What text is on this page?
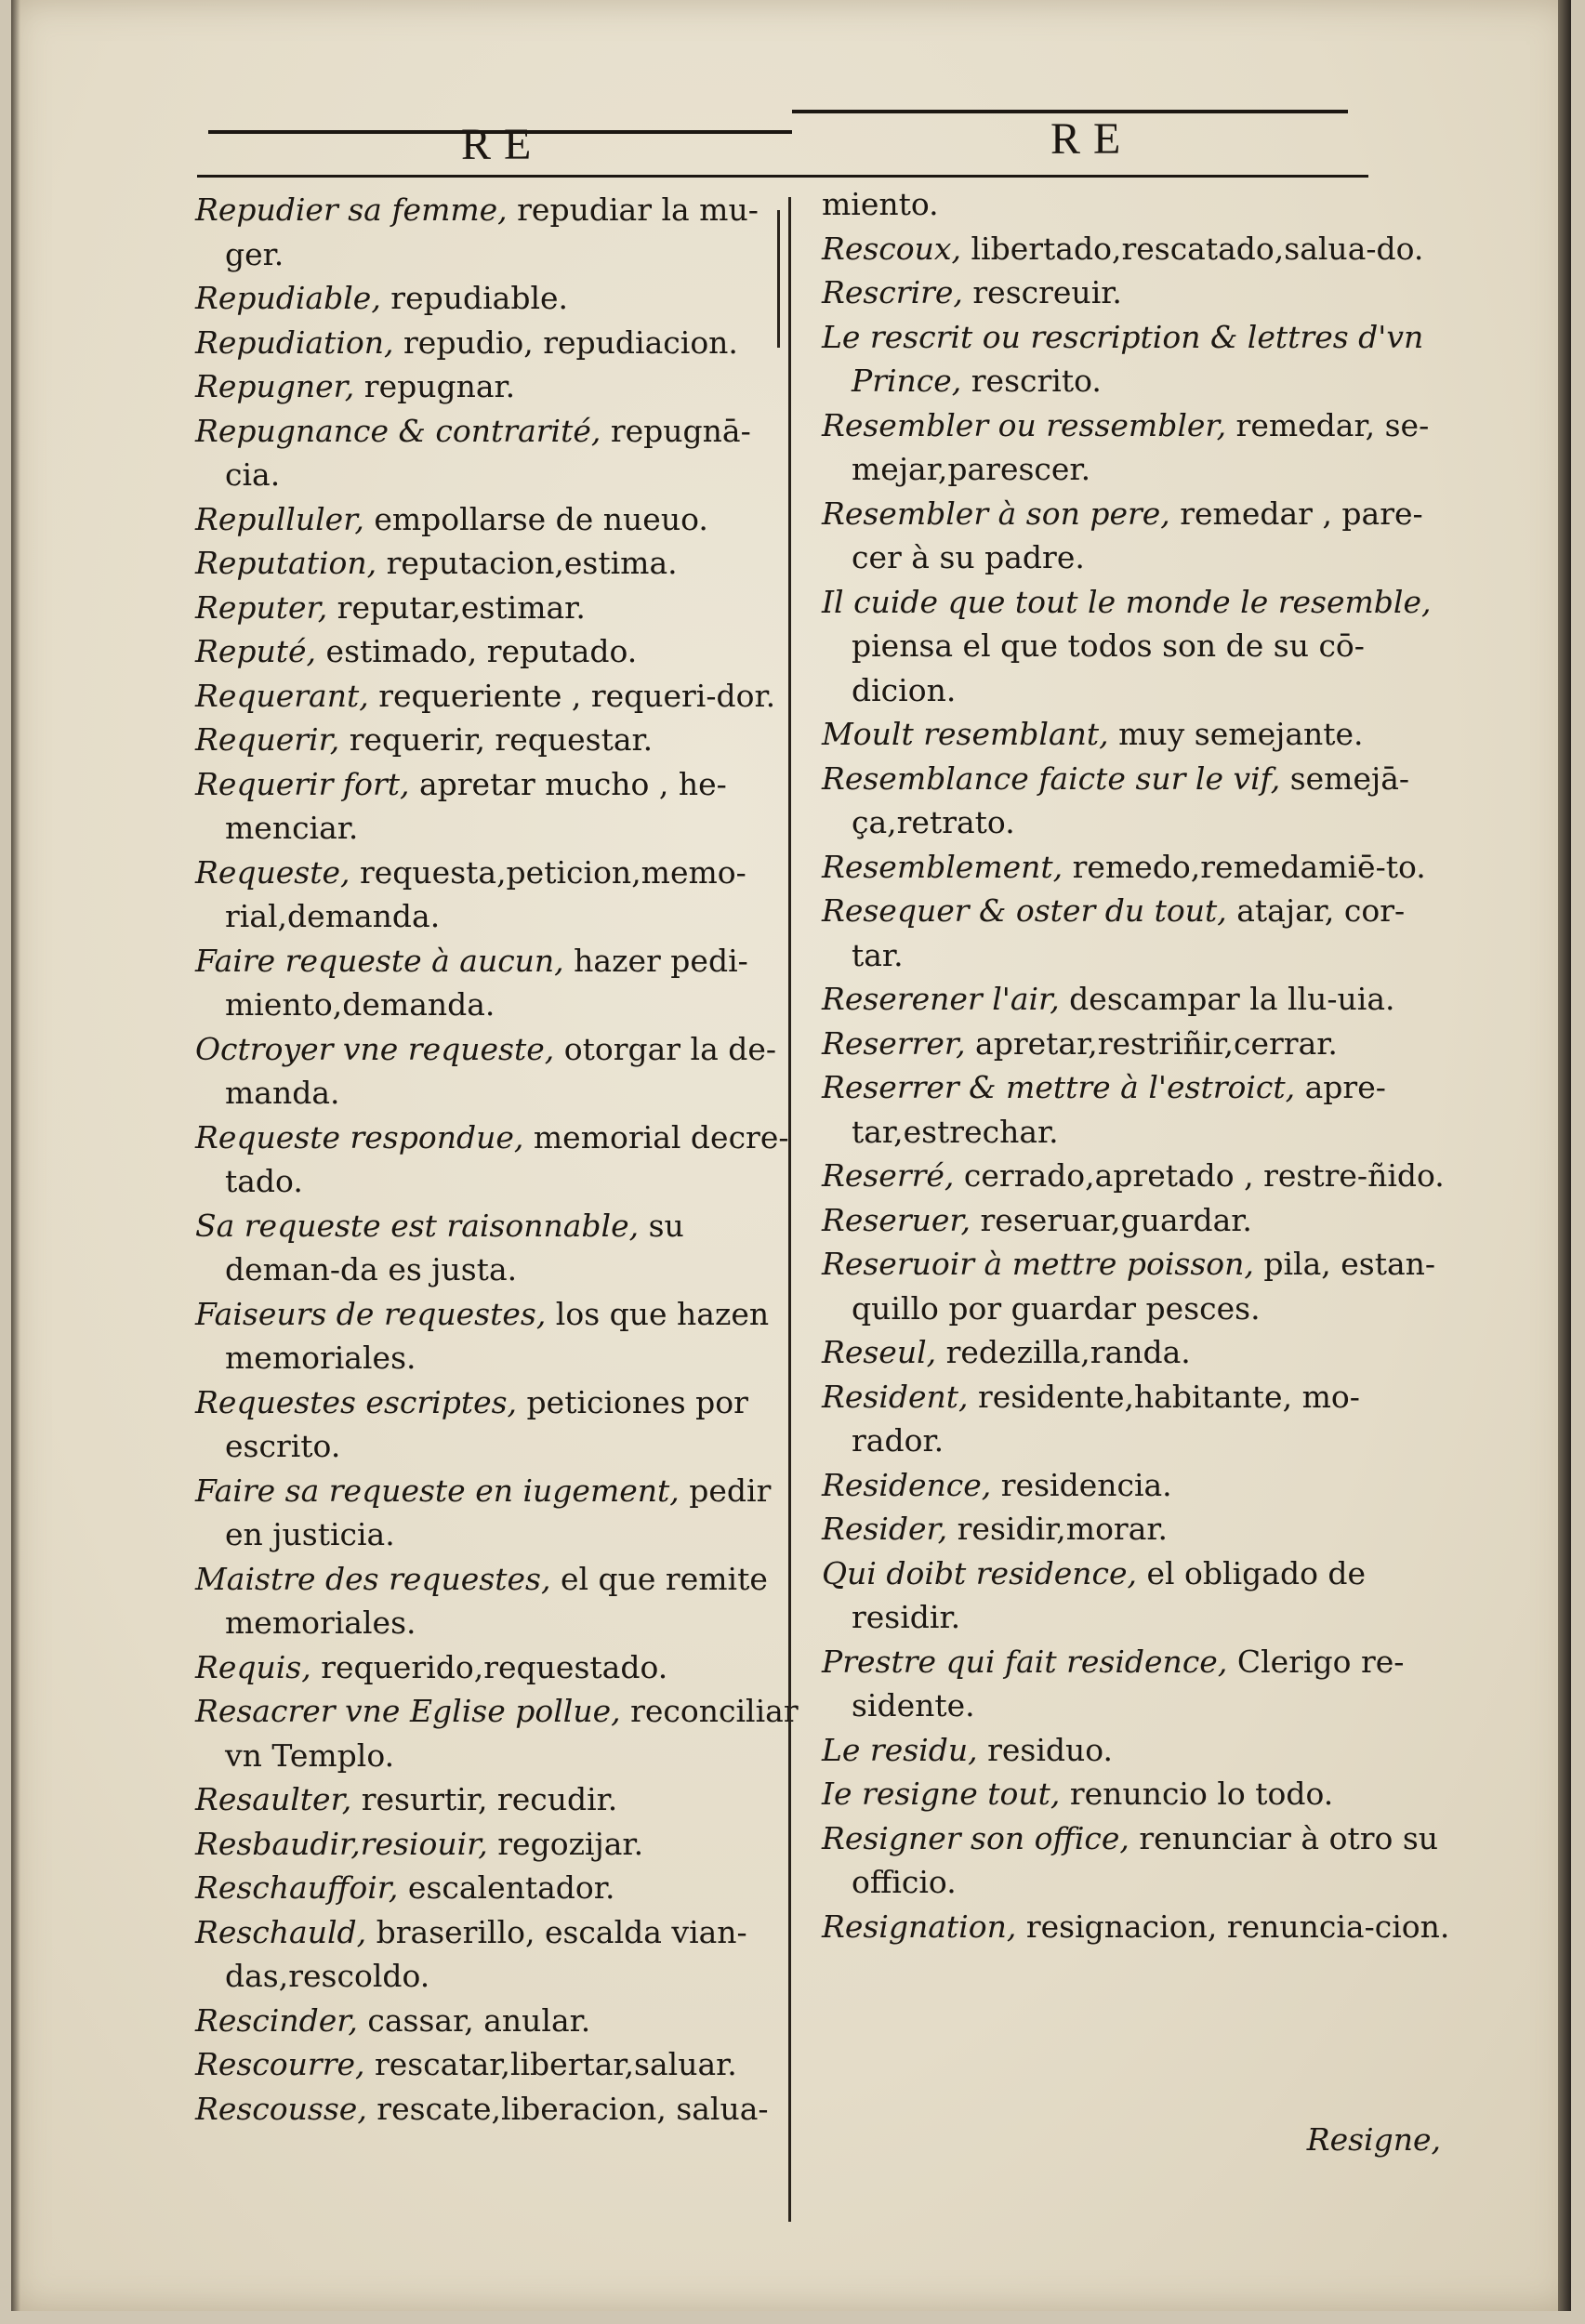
RE	RE

Repudier sa femme, repudiar la mu-ger.

Repudiable, repudiable.

Repudiation, repudio, repudiacion.

Repugner, repugnar.

Repugnance & contrarité, repugnā-cia.

Repulluler, empollarse de nueuo.

Reputation, reputacion,estima.

Reputer, reputar,estimar.

Reputé, estimado, reputado.

Requerant, requeriente , requeri-dor.

Requerir, requerir, requestar.

Requerir fort, apretar mucho , he-menciar.

Requeste, requesta,peticion,memo-rial,demanda.

Faire requeste à aucun, hazer pedi-miento,demanda.

Octroyer vne requeste, otorgar la de-manda.

Requeste respondue, memorial decre-tado.

Sa requeste est raisonnable, su deman-da es justa.

Faiseurs de requestes, los que hazen memoriales.

Requestes escriptes, peticiones por escrito.

Faire sa requeste en iugement, pedir en justicia.

Maistre des requestes, el que remite memoriales.

Requis, requerido,requestado.

Resacrer vne Eglise pollue, reconciliar vn Templo.

Resaulter, resurtir, recudir.

Resbaudir,resiouir, regozijar.

Reschauffoir, escalentador.

Reschauld, braserillo, escalda vian-das,rescoldo.

Rescinder, cassar, anular.

Rescourre, rescatar,libertar,saluar.

Rescousse, rescate,liberacion, salua-

miento.

Rescoux, libertado,rescatado,salua-do.

Rescrire, rescreuir.

Le rescrit ou rescription & lettres d'vn Prince, rescrito.

Resembler ou ressembler, remedar, se-mejar,parescer.

Resembler à son pere, remedar , pare-cer à su padre.

Il cuide que tout le monde le resemble, piensa el que todos son de su cō-dicion.

Moult resemblant, muy semejante.

Resemblance faicte sur le vif, semejā-ça,retrato.

Resemblement, remedo,remedamiē-to.

Resequer & oster du tout, atajar, cor-tar.

Reserener l'air, descampar la llu-uia.

Reserrer, apretar,restriñir,cerrar.

Reserrer & mettre à l'estroict, apre-tar,estrechar.

Reserré, cerrado,apretado , restre-ñido.

Reseruer, reseruar,guardar.

Reseruoir à mettre poisson, pila, estan-quillo por guardar pesces.

Reseul, redezilla,randa.

Resident, residente,habitante, mo-rador.

Residence, residencia.

Resider, residir,morar.

Qui doibt residence, el obligado de residir.

Prestre qui fait residence, Clerigo re-sidente.

Le residu, residuo.

Ie resigne tout, renuncio lo todo.

Resigner son office, renunciar à otro su officio.

Resignation, resignacion, renuncia-cion.

Resigne,
